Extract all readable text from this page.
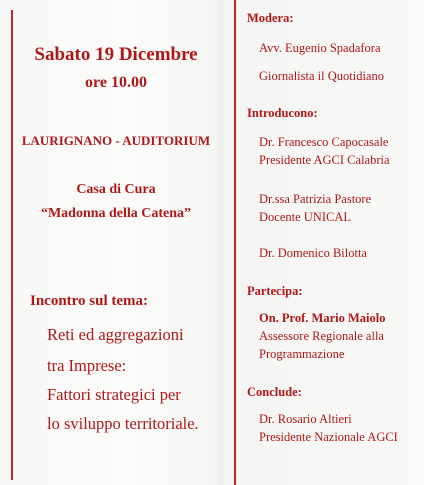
Sabato 19 Dicembre
ore 10.00
LAURIGNANO - AUDITORIUM
Casa di Cura
“Madonna della Catena”
Incontro sul tema:
Reti ed aggregazioni
tra Imprese:
Fattori strategici per
lo sviluppo territoriale.
Modera:
Avv. Eugenio Spadafora
Giornalista il Quotidiano
Introducono:
Dr. Francesco Capocasale
Presidente AGCI Calabria
Dr.ssa Patrizia Pastore
Docente UNICAL
Dr. Domenico Bilotta
Partecipa:
On. Prof. Mario Maiolo
Assessore Regionale alla
Programmazione
Conclude:
Dr. Rosario Altieri
Presidente Nazionale AGCI
